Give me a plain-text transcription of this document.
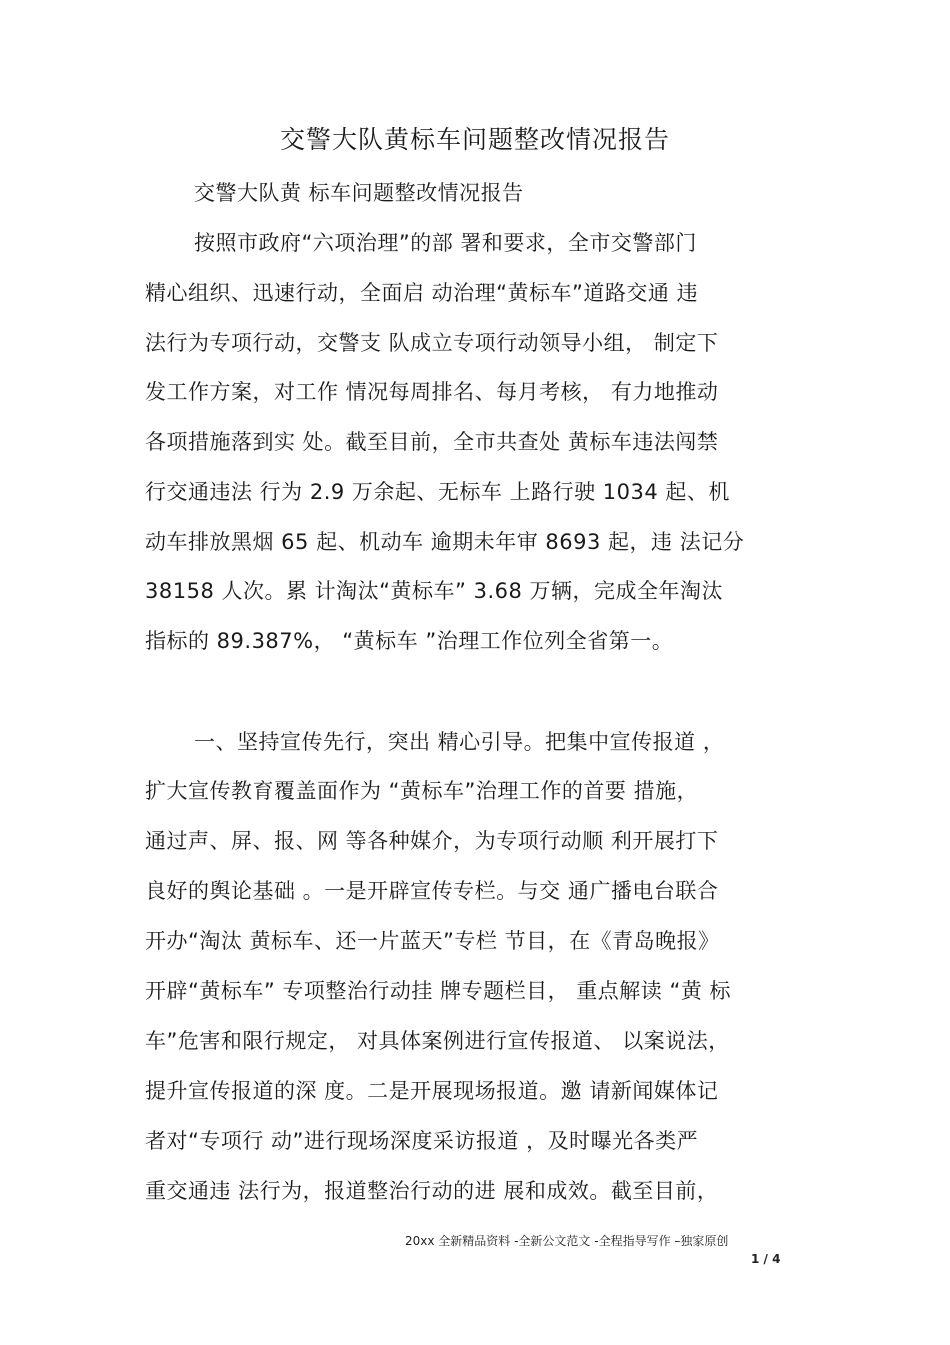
交警大队黄标车问题整改情况报告
交警大队黄 标车问题整改情况报告
按照市政府“六项治理”的部 署和要求，全市交警部门
精心组织、迅速行动，全面启 动治理“黄标车”道路交通 违
法行为专项行动，交警支 队成立专项行动领导小组， 制定下
发工作方案，对工作 情况每周排名、每月考核， 有力地推动
各项措施落到实 处。截至目前，全市共查处 黄标车违法闯禁
行交通违法 行为 2.9 万余起、无标车 上路行驶 1034 起、机
动车排放黑烟 65 起、机动车 逾期未年审 8693 起，违 法记分
38158 人次。累 计淘汰“黄标车” 3.68 万辆，完成全年淘汰
指标的 89.387%， “黄标车 ”治理工作位列全省第一。
一、坚持宣传先行，突出 精心引导。把集中宣传报道 ，
扩大宣传教育覆盖面作为 “黄标车”治理工作的首要 措施，
通过声、屏、报、网 等各种媒介，为专项行动顺 利开展打下
良好的舆论基础 。一是开辟宣传专栏。与交 通广播电台联合
开办“淘汰 黄标车、还一片蓝天”专栏 节目，在《青岛晚报》
开辟“黄标车” 专项整治行动挂 牌专题栏目， 重点解读 “黄 标
车”危害和限行规定， 对具体案例进行宣传报道、 以案说法，
提升宣传报道的深 度。二是开展现场报道。邀 请新闻媒体记
者对“专项行 动”进行现场深度采访报道 ，及时曝光各类严
重交通违 法行为，报道整治行动的进 展和成效。截至目前，
20xx 全新精品资料 -全新公文范文 -全程指导写作 –独家原创
1 / 4
